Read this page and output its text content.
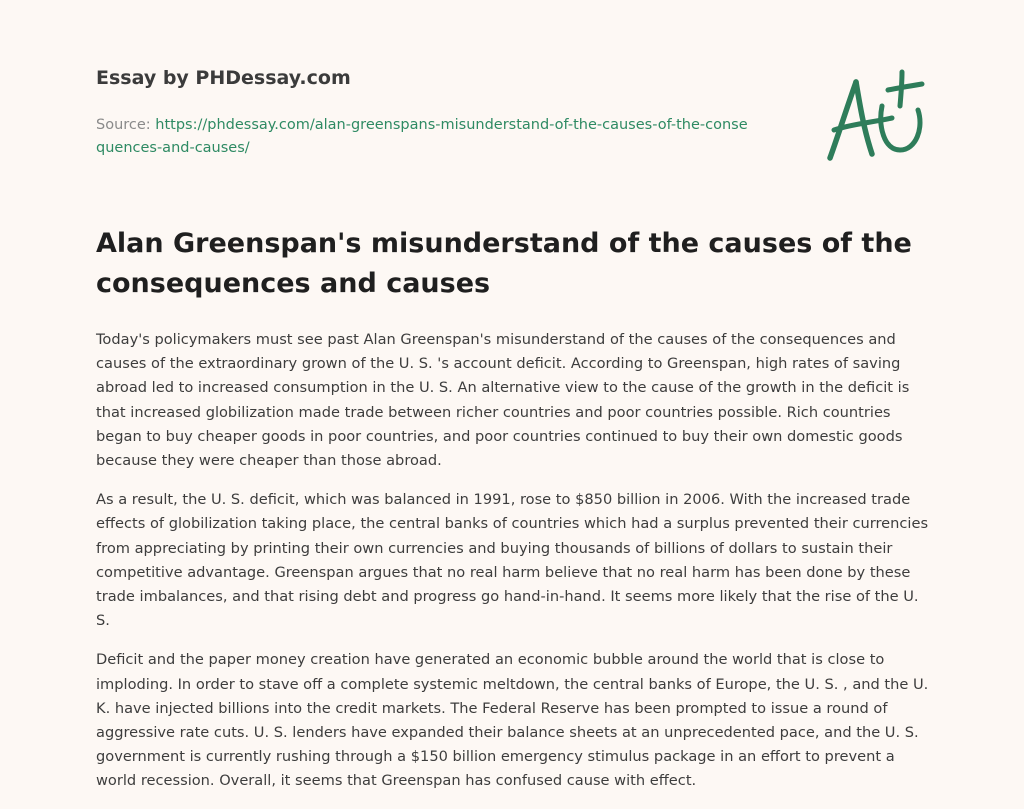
Essay by PHDessay.com
Source: https://phdessay.com/alan-greenspans-misunderstand-of-the-causes-of-the-consequences-and-causes/
Alan Greenspan's misunderstand of the causes of the consequences and causes

Today's policymakers must see past Alan Greenspan's misunderstand of the causes of the consequences and causes of the extraordinary grown of the U. S. 's account deficit. According to Greenspan, high rates of saving abroad led to increased consumption in the U. S. An alternative view to the cause of the growth in the deficit is that increased globilization made trade between richer countries and poor countries possible. Rich countries began to buy cheaper goods in poor countries, and poor countries continued to buy their own domestic goods because they were cheaper than those abroad.

As a result, the U. S. deficit, which was balanced in 1991, rose to $850 billion in 2006. With the increased trade effects of globilization taking place, the central banks of countries which had a surplus prevented their currencies from appreciating by printing their own currencies and buying thousands of billions of dollars to sustain their competitive advantage. Greenspan argues that no real harm believe that no real harm has been done by these trade imbalances, and that rising debt and progress go hand-in-hand. It seems more likely that the rise of the U. S.

Deficit and the paper money creation have generated an economic bubble around the world that is close to imploding. In order to stave off a complete systemic meltdown, the central banks of Europe, the U. S. , and the U. K. have injected billions into the credit markets. The Federal Reserve has been prompted to issue a round of aggressive rate cuts. U. S. lenders have expanded their balance sheets at an unprecedented pace, and the U. S. government is currently rushing through a $150 billion emergency stimulus package in an effort to prevent a world recession. Overall, it seems that Greenspan has confused cause with effect.
